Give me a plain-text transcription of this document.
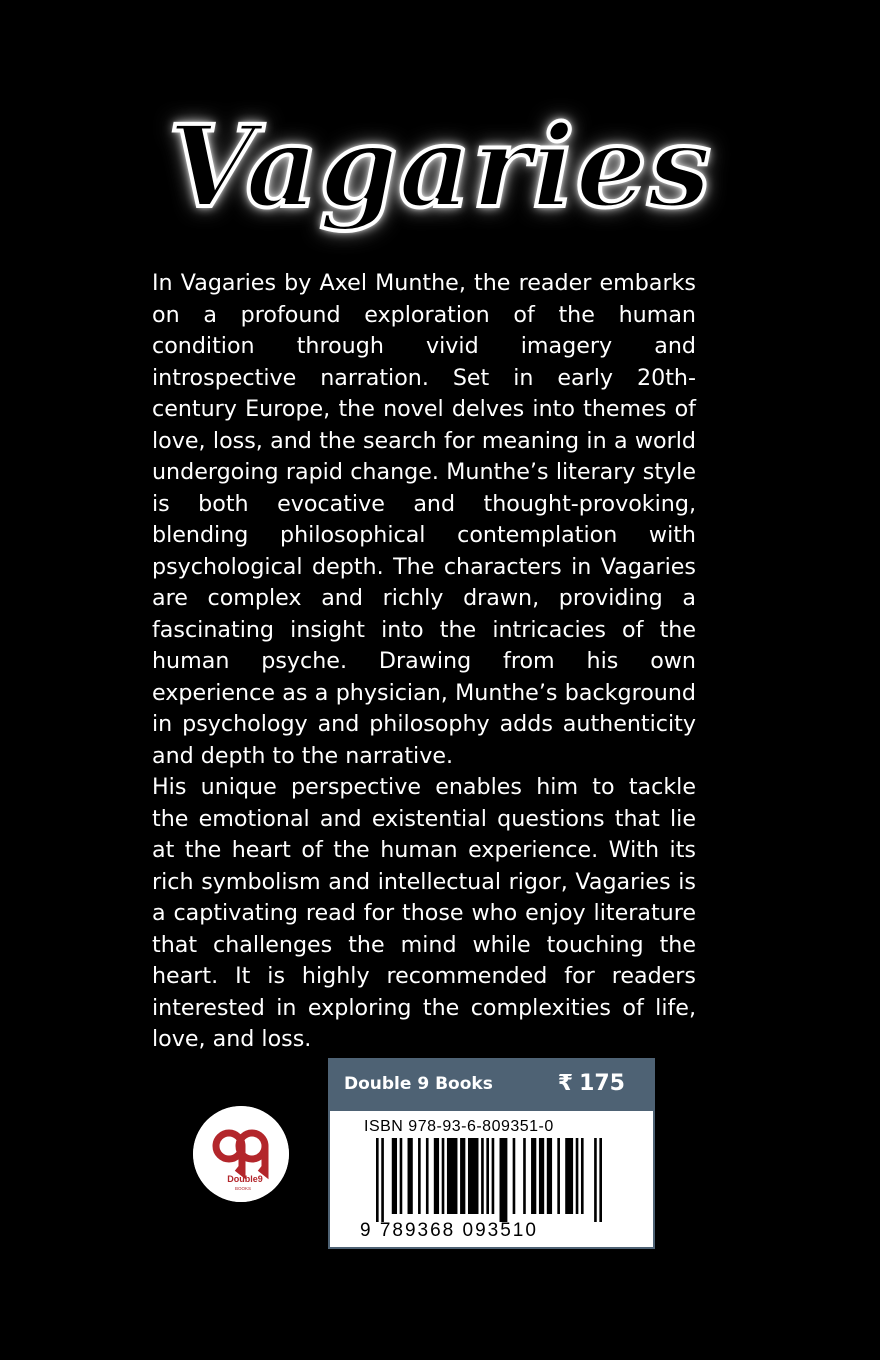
Vagaries

In Vagaries by Axel Munthe, the reader embarks on a profound exploration of the human condition through vivid imagery and introspective narration. Set in early 20th-century Europe, the novel delves into themes of love, loss, and the search for meaning in a world undergoing rapid change. Munthe’s literary style is both evocative and thought-provoking, blending philosophical contemplation with psychological depth. The characters in Vagaries are complex and richly drawn, providing a fascinating insight into the intricacies of the human psyche. Drawing from his own experience as a physician, Munthe’s background in psychology and philosophy adds authenticity and depth to the narrative.

His unique perspective enables him to tackle the emotional and existential questions that lie at the heart of the human experience. With its rich symbolism and intellectual rigor, Vagaries is a captivating read for those who enjoy literature that challenges the mind while touching the heart. It is highly recommended for readers interested in exploring the complexities of life, love, and loss.

Double9
BOOKS
Double 9 Books	₹ 175
ISBN 978-93-6-809351-0
9 789368 093510
